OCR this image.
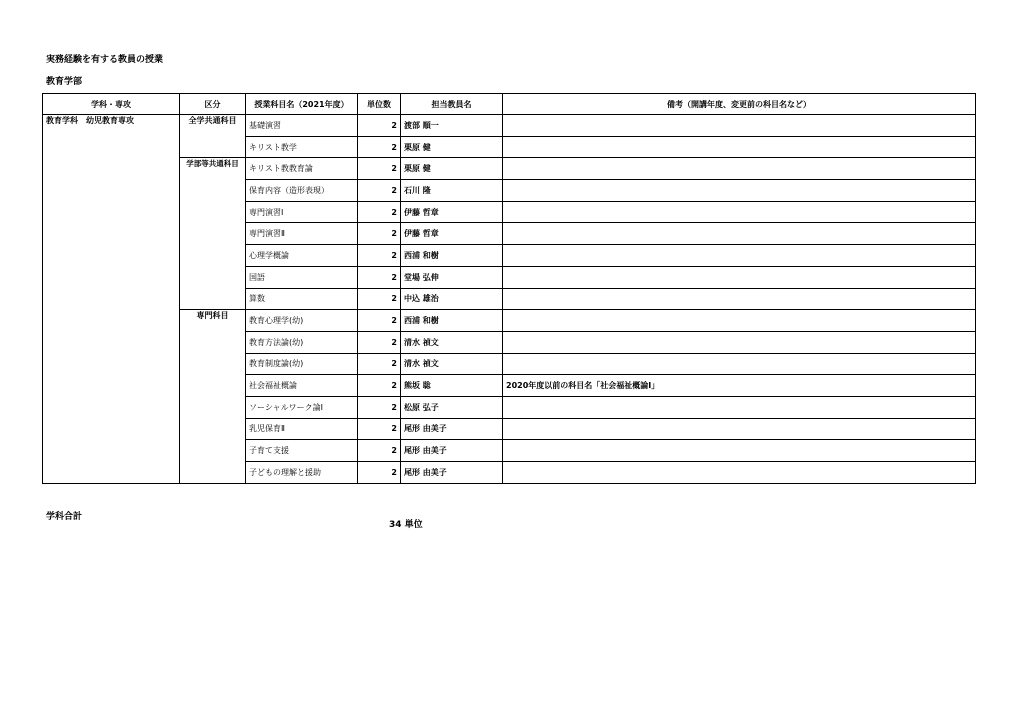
実務経験を有する教員の授業
教育学部
学科・専攻	区分	授業科目名（2021年度）	単位数	担当教員名	備考（開講年度、変更前の科目名など）
教育学科　幼児教育専攻	全学共通科目	基礎演習	2	渡部 順一	
		キリスト教学	2	栗原 健	
	学部等共通科目	キリスト教教育論	2	栗原 健	
		保育内容（造形表現）	2	石川 隆	
		専門演習Ⅰ	2	伊藤 哲章	
		専門演習Ⅱ	2	伊藤 哲章	
		心理学概論	2	西浦 和樹	
		国語	2	堂場 弘伸	
		算数	2	中込 雄治	
	専門科目	教育心理学(幼)	2	西浦 和樹	
		教育方法論(幼)	2	清水 禎文	
		教育制度論(幼)	2	清水 禎文	
		社会福祉概論	2	熊坂 聡	2020年度以前の科目名「社会福祉概論Ⅰ」
		ソーシャルワーク論Ⅰ	2	松原 弘子	
		乳児保育Ⅱ	2	尾形 由美子	
		子育て支援	2	尾形 由美子	
		子どもの理解と援助	2	尾形 由美子	
学科合計
34 単位
